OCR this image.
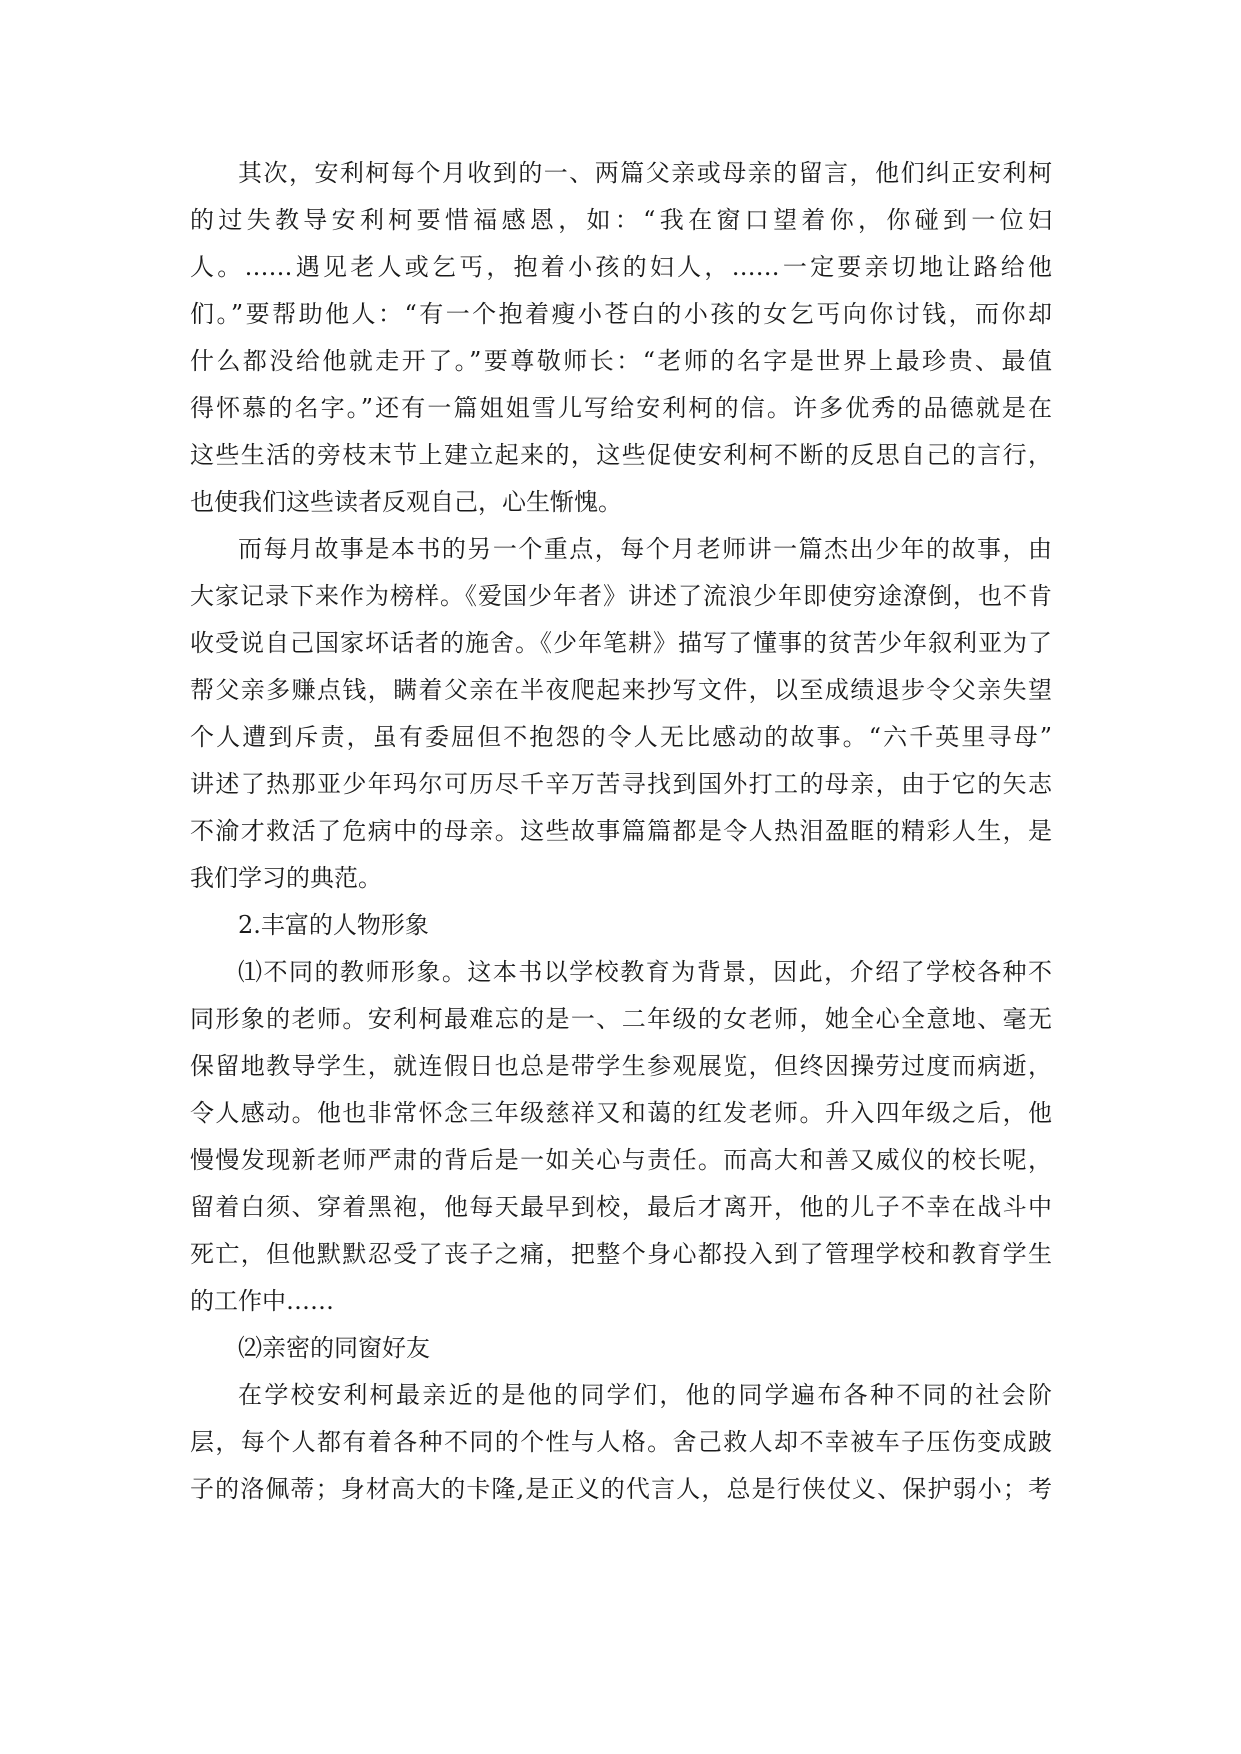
其次，安利柯每个月收到的一、两篇父亲或母亲的留言，他们纠正安利柯
的过失教导安利柯要惜福感恩，如：“我在窗口望着你，你碰到一位妇
人。……遇见老人或乞丐，抱着小孩的妇人，……一定要亲切地让路给他
们。”要帮助他人：“有一个抱着瘦小苍白的小孩的女乞丐向你讨钱，而你却
什么都没给他就走开了。”要尊敬师长：“老师的名字是世界上最珍贵、最值
得怀慕的名字。”还有一篇姐姐雪儿写给安利柯的信。许多优秀的品德就是在
这些生活的旁枝末节上建立起来的，这些促使安利柯不断的反思自己的言行，
也使我们这些读者反观自己，心生惭愧。
而每月故事是本书的另一个重点，每个月老师讲一篇杰出少年的故事，由
大家记录下来作为榜样。《爱国少年者》讲述了流浪少年即使穷途潦倒，也不肯
收受说自己国家坏话者的施舍。《少年笔耕》描写了懂事的贫苦少年叙利亚为了
帮父亲多赚点钱，瞒着父亲在半夜爬起来抄写文件，以至成绩退步令父亲失望
个人遭到斥责，虽有委屈但不抱怨的令人无比感动的故事。“六千英里寻母”
讲述了热那亚少年玛尔可历尽千辛万苦寻找到国外打工的母亲，由于它的矢志
不渝才救活了危病中的母亲。这些故事篇篇都是令人热泪盈眶的精彩人生，是
我们学习的典范。
2.丰富的人物形象
⑴不同的教师形象。这本书以学校教育为背景，因此，介绍了学校各种不
同形象的老师。安利柯最难忘的是一、二年级的女老师，她全心全意地、毫无
保留地教导学生，就连假日也总是带学生参观展览，但终因操劳过度而病逝，
令人感动。他也非常怀念三年级慈祥又和蔼的红发老师。升入四年级之后，他
慢慢发现新老师严肃的背后是一如关心与责任。而高大和善又威仪的校长呢，
留着白须、穿着黑袍，他每天最早到校，最后才离开，他的儿子不幸在战斗中
死亡，但他默默忍受了丧子之痛，把整个身心都投入到了管理学校和教育学生
的工作中……
⑵亲密的同窗好友
在学校安利柯最亲近的是他的同学们，他的同学遍布各种不同的社会阶
层，每个人都有着各种不同的个性与人格。舍己救人却不幸被车子压伤变成跛
子的洛佩蒂；身材高大的卡隆,是正义的代言人，总是行侠仗义、保护弱小；考
